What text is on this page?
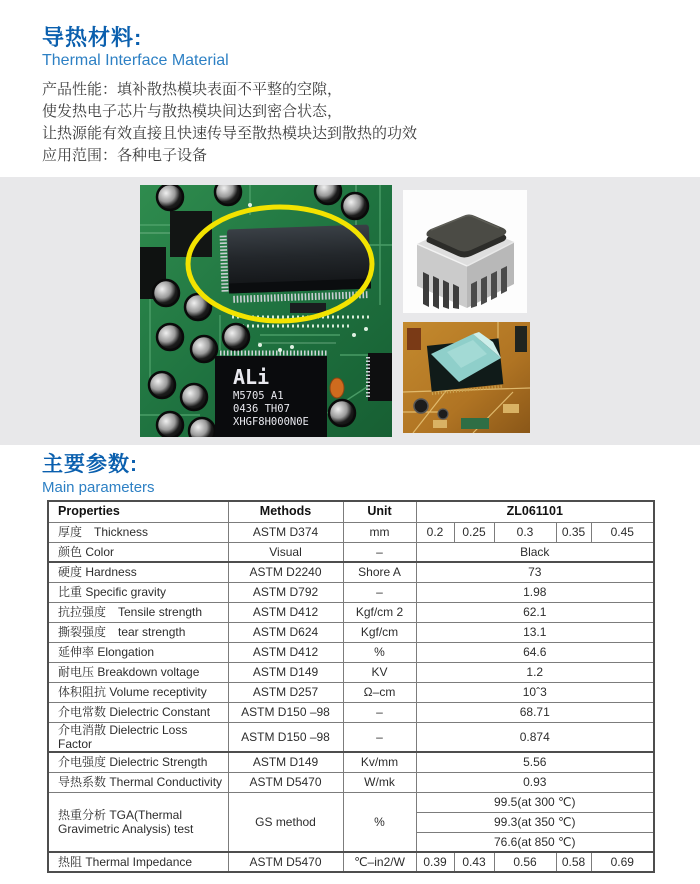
导热材料:
Thermal Interface Material

产品性能：填补散热模块表面不平整的空隙，

使发热电子芯片与散热模块间达到密合状态，

让热源能有效直接且快速传导至散热模块达到散热的功效

应用范围：各种电子设备

ALi
M5705 A1
0436 TH07
XHGF8H000N0E
主要参数:
Main parameters
Properties	Methods	Unit	ZL061101				
厚度　Thickness	ASTM D374	mm	0.2	0.25	0.3	0.35	0.45
颜色 Color	Visual	–	Black				
硬度 Hardness	ASTM D2240	Shore A	73				
比重 Specific gravity	ASTM D792	–	1.98				
抗拉强度　Tensile strength	ASTM D412	Kgf/cm 2	62.1				
撕裂强度　tear strength	ASTM D624	Kgf/cm	13.1				
延伸率 Elongation	ASTM D412	%	64.6				
耐电压 Breakdown voltage	ASTM D149	KV	1.2				
体积阻抗 Volume receptivity	ASTM D257	Ω–cm	10ˆ3				
介电常数 Dielectric Constant	ASTM D150 –98	–	68.71				
介电消散 Dielectric Loss Factor	ASTM D150 –98	–	0.874				
介电强度 Dielectric Strength	ASTM D149	Kv/mm	5.56				
导热系数 Thermal Conductivity	ASTM D5470	W/mk	0.93				
热重分析 TGA(Thermal Gravimetric Analysis) test	GS method	%	99.5(at 300 ℃)				
			99.3(at 350 ℃)				
			76.6(at 850 ℃)				
热阻 Thermal Impedance	ASTM D5470	℃–in2/W	0.39	0.43	0.56	0.58	0.69
